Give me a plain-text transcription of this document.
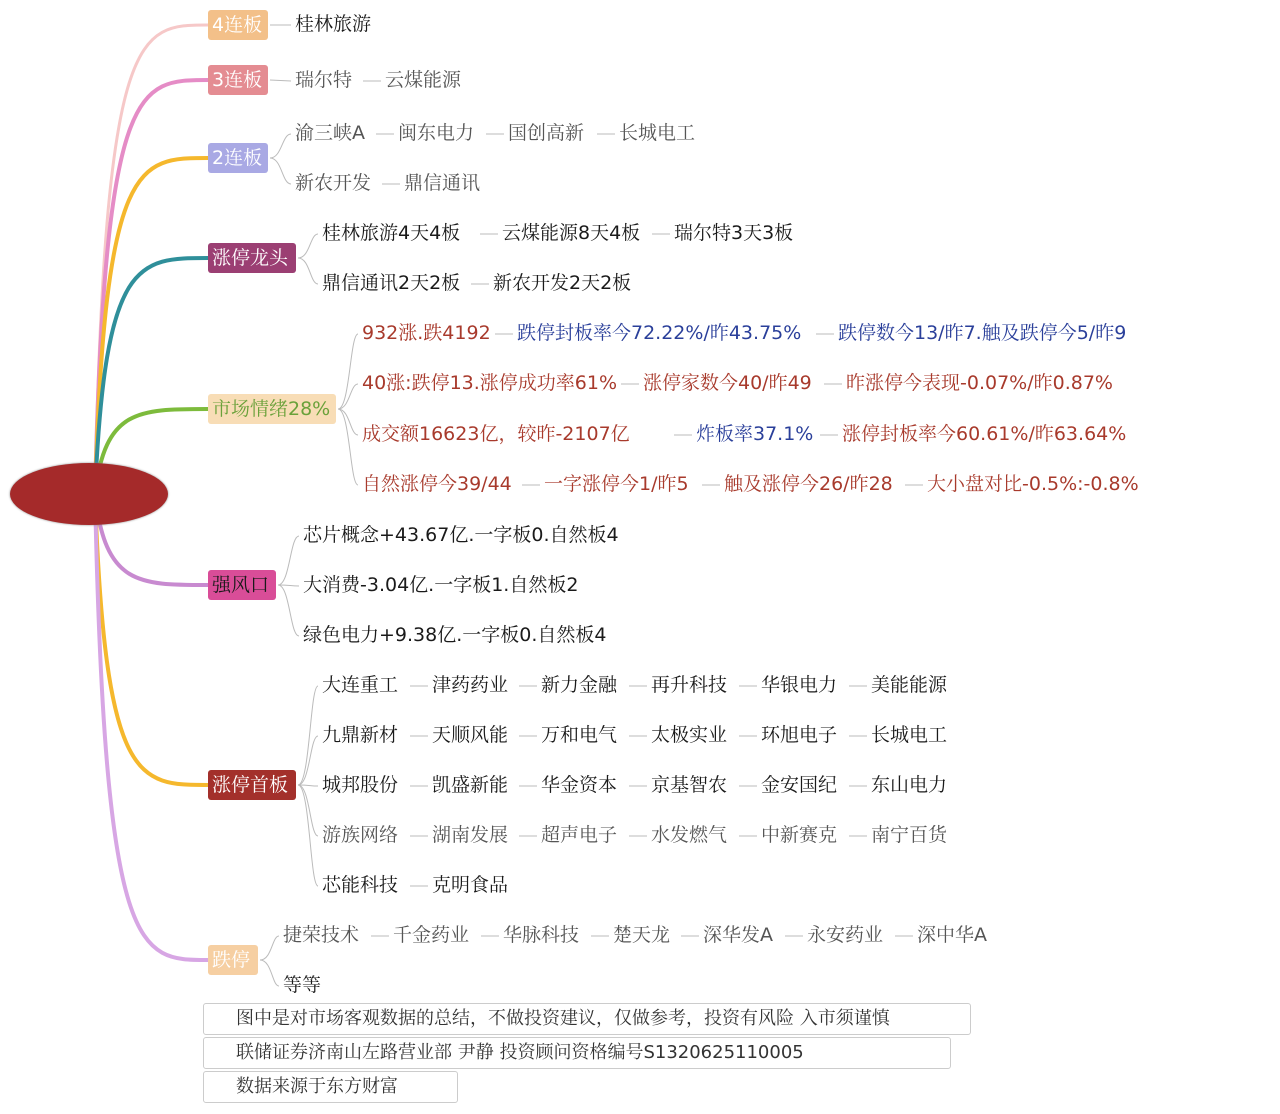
4连板
3连板
2连板
涨停龙头
市场情绪28%
强风口
涨停首板
跌停
桂林旅游
瑞尔特 云煤能源
渝三峡A 闽东电力 国创高新 长城电工
新农开发 鼎信通讯
桂林旅游4天4板 云煤能源8天4板 瑞尔特3天3板
鼎信通讯2天2板 新农开发2天2板
932涨.跌4192 跌停封板率今72.22%/昨43.75% 跌停数今13/昨7.触及跌停今5/昨9
40涨:跌停13.涨停成功率61% 涨停家数今40/昨49 昨涨停今表现-0.07%/昨0.87%
成交额16623亿，较昨-2107亿	炸板率37.1% 涨停封板率今60.61%/昨63.64%
自然涨停今39/44 一字涨停今1/昨5 触及涨停今26/昨28 大小盘对比-0.5%:-0.8%
芯片概念+43.67亿.一字板0.自然板4
大消费-3.04亿.一字板1.自然板2
绿色电力+9.38亿.一字板0.自然板4
大连重工 津药药业 新力金融 再升科技 华银电力 美能能源
九鼎新材 天顺风能 万和电气 太极实业 环旭电子 长城电工
城邦股份 凯盛新能 华金资本 京基智农 金安国纪 东山电力
游族网络 湖南发展 超声电子 水发燃气 中新赛克 南宁百货
芯能科技 克明食品
捷荣技术 千金药业 华脉科技 楚天龙 深华发A 永安药业 深中华A
等等
图中是对市场客观数据的总结，不做投资建议，仅做参考，投资有风险 入市须谨慎
联储证券济南山左路营业部 尹静 投资顾问资格编号S1320625110005
数据来源于东方财富
